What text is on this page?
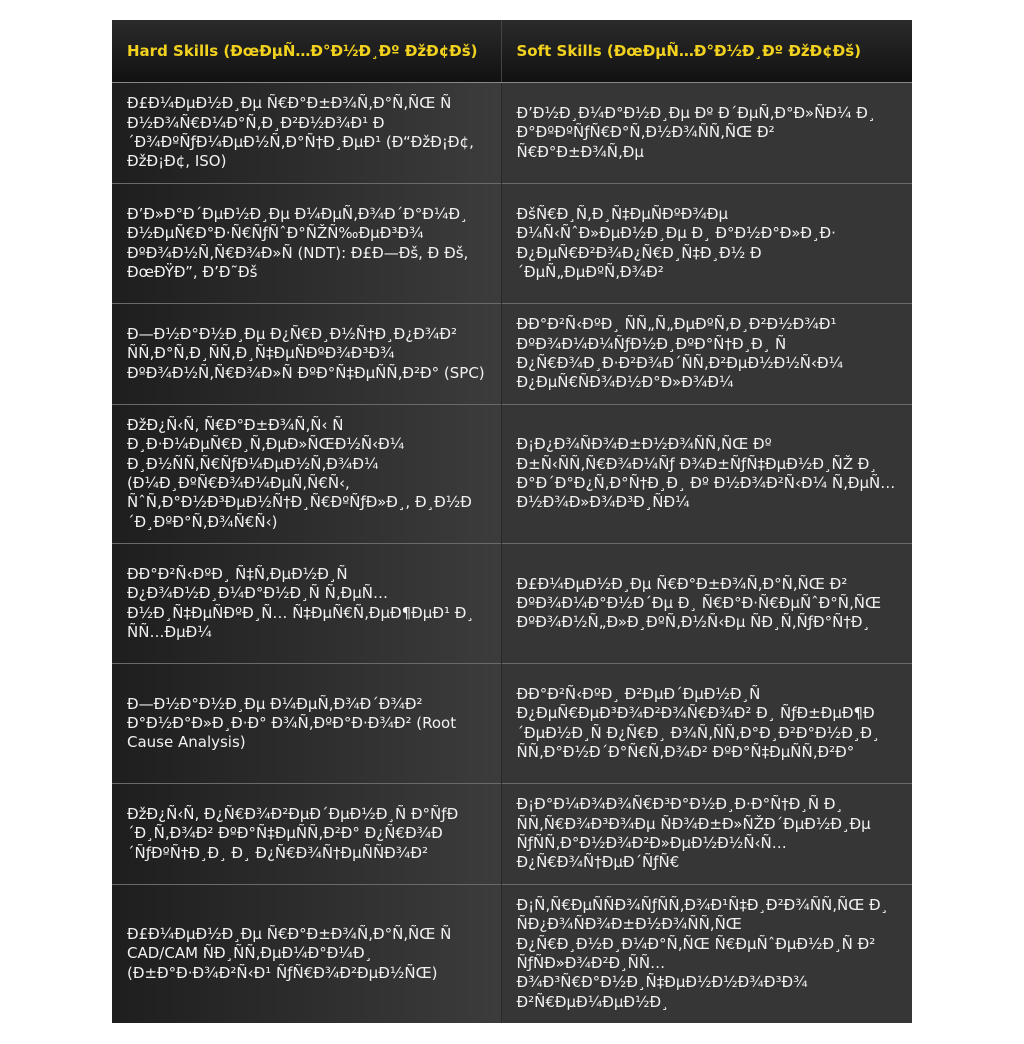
Hard Skills (ÐœÐµÑ…Ð°Ð½Ð¸Ðº ÐžÐ¢Ðš)	Soft Skills (ÐœÐµÑ…Ð°Ð½Ð¸Ðº ÐžÐ¢Ðš)

Ð£Ð¼ÐµÐ½Ð¸Ðµ Ñ€Ð°Ð±Ð¾Ñ‚Ð°Ñ‚ÑŒ Ñ Ð½Ð¾Ñ€Ð¼Ð°Ñ‚Ð¸Ð²Ð½Ð¾Ð¹ Ð´Ð¾ÐºÑƒÐ¼ÐµÐ½Ñ‚Ð°Ñ†Ð¸ÐµÐ¹ (Ð“ÐžÐ¡Ð¢, ÐžÐ¡Ð¢, ISO)	Ð’Ð½Ð¸Ð¼Ð°Ð½Ð¸Ðµ Ðº Ð´ÐµÑ‚Ð°Ð»ÑÐ¼ Ð¸ Ð°ÐºÐºÑƒÑ€Ð°Ñ‚Ð½Ð¾ÑÑ‚ÑŒ Ð² Ñ€Ð°Ð±Ð¾Ñ‚Ðµ

Ð’Ð»Ð°Ð´ÐµÐ½Ð¸Ðµ Ð¼ÐµÑ‚Ð¾Ð´Ð°Ð¼Ð¸ Ð½ÐµÑ€Ð°Ð·Ñ€ÑƒÑˆÐ°ÑŽÑ‰ÐµÐ³Ð¾ ÐºÐ¾Ð½Ñ‚Ñ€Ð¾Ð»Ñ (NDT): Ð£Ð—Ðš, Ð Ðš, ÐœÐŸÐ”, Ð’Ð˜Ðš	ÐšÑ€Ð¸Ñ‚Ð¸Ñ‡ÐµÑÐºÐ¾Ðµ Ð¼Ñ‹ÑˆÐ»ÐµÐ½Ð¸Ðµ Ð¸ Ð°Ð½Ð°Ð»Ð¸Ð· Ð¿ÐµÑ€Ð²Ð¾Ð¿Ñ€Ð¸Ñ‡Ð¸Ð½ Ð´ÐµÑ„ÐµÐºÑ‚Ð¾Ð²

Ð—Ð½Ð°Ð½Ð¸Ðµ Ð¿Ñ€Ð¸Ð½Ñ†Ð¸Ð¿Ð¾Ð² ÑÑ‚Ð°Ñ‚Ð¸ÑÑ‚Ð¸Ñ‡ÐµÑÐºÐ¾Ð³Ð¾ ÐºÐ¾Ð½Ñ‚Ñ€Ð¾Ð»Ñ ÐºÐ°Ñ‡ÐµÑÑ‚Ð²Ð° (SPC)	ÐÐ°Ð²Ñ‹ÐºÐ¸ ÑÑ„Ñ„ÐµÐºÑ‚Ð¸Ð²Ð½Ð¾Ð¹ ÐºÐ¾Ð¼Ð¼ÑƒÐ½Ð¸ÐºÐ°Ñ†Ð¸Ð¸ Ñ Ð¿Ñ€Ð¾Ð¸Ð·Ð²Ð¾Ð´ÑÑ‚Ð²ÐµÐ½Ð½Ñ‹Ð¼ Ð¿ÐµÑ€ÑÐ¾Ð½Ð°Ð»Ð¾Ð¼

ÐžÐ¿Ñ‹Ñ‚ Ñ€Ð°Ð±Ð¾Ñ‚Ñ‹ Ñ Ð¸Ð·Ð¼ÐµÑ€Ð¸Ñ‚ÐµÐ»ÑŒÐ½Ñ‹Ð¼ Ð¸Ð½ÑÑ‚Ñ€ÑƒÐ¼ÐµÐ½Ñ‚Ð¾Ð¼ (Ð¼Ð¸ÐºÑ€Ð¾Ð¼ÐµÑ‚Ñ€Ñ‹, ÑˆÑ‚Ð°Ð½Ð³ÐµÐ½Ñ†Ð¸Ñ€ÐºÑƒÐ»Ð¸, Ð¸Ð½Ð´Ð¸ÐºÐ°Ñ‚Ð¾Ñ€Ñ‹)	Ð¡Ð¿Ð¾ÑÐ¾Ð±Ð½Ð¾ÑÑ‚ÑŒ Ðº Ð±Ñ‹ÑÑ‚Ñ€Ð¾Ð¼Ñƒ Ð¾Ð±ÑƒÑ‡ÐµÐ½Ð¸ÑŽ Ð¸ Ð°Ð´Ð°Ð¿Ñ‚Ð°Ñ†Ð¸Ð¸ Ðº Ð½Ð¾Ð²Ñ‹Ð¼ Ñ‚ÐµÑ…Ð½Ð¾Ð»Ð¾Ð³Ð¸ÑÐ¼

ÐÐ°Ð²Ñ‹ÐºÐ¸ Ñ‡Ñ‚ÐµÐ½Ð¸Ñ Ð¿Ð¾Ð½Ð¸Ð¼Ð°Ð½Ð¸Ñ Ñ‚ÐµÑ…Ð½Ð¸Ñ‡ÐµÑÐºÐ¸Ñ… Ñ‡ÐµÑ€Ñ‚ÐµÐ¶ÐµÐ¹ Ð¸ ÑÑ…ÐµÐ¼	Ð£Ð¼ÐµÐ½Ð¸Ðµ Ñ€Ð°Ð±Ð¾Ñ‚Ð°Ñ‚ÑŒ Ð² ÐºÐ¾Ð¼Ð°Ð½Ð´Ðµ Ð¸ Ñ€Ð°Ð·Ñ€ÐµÑˆÐ°Ñ‚ÑŒ ÐºÐ¾Ð½Ñ„Ð»Ð¸ÐºÑ‚Ð½Ñ‹Ðµ ÑÐ¸Ñ‚ÑƒÐ°Ñ†Ð¸

Ð—Ð½Ð°Ð½Ð¸Ðµ Ð¼ÐµÑ‚Ð¾Ð´Ð¾Ð² Ð°Ð½Ð°Ð»Ð¸Ð·Ð° Ð¾Ñ‚ÐºÐ°Ð·Ð¾Ð² (Root Cause Analysis)	ÐÐ°Ð²Ñ‹ÐºÐ¸ Ð²ÐµÐ´ÐµÐ½Ð¸Ñ Ð¿ÐµÑ€ÐµÐ³Ð¾Ð²Ð¾Ñ€Ð¾Ð² Ð¸ ÑƒÐ±ÐµÐ¶Ð´ÐµÐ½Ð¸Ñ Ð¿Ñ€Ð¸ Ð¾Ñ‚ÑÑ‚Ð°Ð¸Ð²Ð°Ð½Ð¸Ð¸ ÑÑ‚Ð°Ð½Ð´Ð°Ñ€Ñ‚Ð¾Ð² ÐºÐ°Ñ‡ÐµÑÑ‚Ð²Ð°

ÐžÐ¿Ñ‹Ñ‚ Ð¿Ñ€Ð¾Ð²ÐµÐ´ÐµÐ½Ð¸Ñ Ð°ÑƒÐ´Ð¸Ñ‚Ð¾Ð² ÐºÐ°Ñ‡ÐµÑÑ‚Ð²Ð° Ð¿Ñ€Ð¾Ð´ÑƒÐºÑ†Ð¸Ð¸ Ð¸ Ð¿Ñ€Ð¾Ñ†ÐµÑÑÐ¾Ð²	Ð¡Ð°Ð¼Ð¾Ð¾Ñ€Ð³Ð°Ð½Ð¸Ð·Ð°Ñ†Ð¸Ñ Ð¸ ÑÑ‚Ñ€Ð¾Ð³Ð¾Ðµ ÑÐ¾Ð±Ð»ÑŽÐ´ÐµÐ½Ð¸Ðµ ÑƒÑÑ‚Ð°Ð½Ð¾Ð²Ð»ÐµÐ½Ð½Ñ‹Ñ… Ð¿Ñ€Ð¾Ñ†ÐµÐ´ÑƒÑ€

Ð£Ð¼ÐµÐ½Ð¸Ðµ Ñ€Ð°Ð±Ð¾Ñ‚Ð°Ñ‚ÑŒ Ñ CAD/CAM ÑÐ¸ÑÑ‚ÐµÐ¼Ð°Ð¼Ð¸ (Ð±Ð°Ð·Ð¾Ð²Ñ‹Ð¹ ÑƒÑ€Ð¾Ð²ÐµÐ½ÑŒ)	Ð¡Ñ‚Ñ€ÐµÑÑÐ¾ÑƒÑÑ‚Ð¾Ð¹Ñ‡Ð¸Ð²Ð¾ÑÑ‚ÑŒ Ð¸ ÑÐ¿Ð¾ÑÐ¾Ð±Ð½Ð¾ÑÑ‚ÑŒ Ð¿Ñ€Ð¸Ð½Ð¸Ð¼Ð°Ñ‚ÑŒ Ñ€ÐµÑˆÐµÐ½Ð¸Ñ Ð² ÑƒÑÐ»Ð¾Ð²Ð¸ÑÑ… Ð¾Ð³Ñ€Ð°Ð½Ð¸Ñ‡ÐµÐ½Ð½Ð¾Ð³Ð¾ Ð²Ñ€ÐµÐ¼ÐµÐ½Ð¸
